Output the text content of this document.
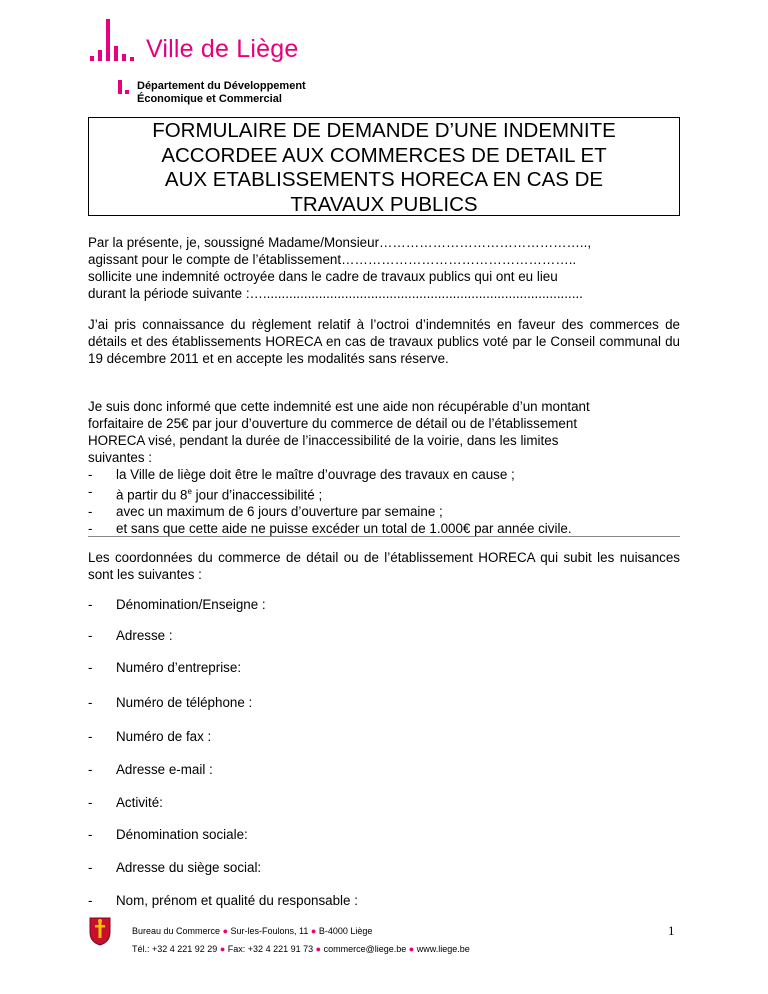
Ville de Liège
Département du Développement
Économique et Commercial
FORMULAIRE DE DEMANDE D’UNE INDEMNITE
ACCORDEE AUX COMMERCES DE DETAIL ET
AUX ETABLISSEMENTS HORECA EN CAS DE
TRAVAUX PUBLICS
Par la présente, je, soussigné Madame/Monsieur………………………………………..,
agissant pour le compte de l’établissement……………………………………………..
sollicite une indemnité octroyée dans le cadre de travaux publics qui ont eu lieu
durant la période suivante :…......................................................................................
J’ai pris connaissance du règlement relatif à l’octroi d’indemnités en faveur des commerces de détails et des établissements HORECA en cas de travaux publics voté par le Conseil communal du 19 décembre 2011 et en accepte les modalités sans réserve.
Je suis donc informé que cette indemnité est une aide non récupérable d’un montant
forfaitaire de 25€ par jour d’ouverture du commerce de détail ou de l’établissement
HORECA visé, pendant la durée de l’inaccessibilité de la voirie, dans les limites
suivantes :
- la Ville de liège doit être le maître d’ouvrage des travaux en cause ;
- à partir du 8e jour d’inaccessibilité ;
- avec un maximum de 6 jours d’ouverture par semaine ;
- et sans que cette aide ne puisse excéder un total de 1.000€ par année civile.
Les coordonnées du commerce de détail ou de l’établissement HORECA qui subit les nuisances sont les suivantes :
- Dénomination/Enseigne :
- Adresse :
- Numéro d’entreprise:
- Numéro de téléphone :
- Numéro de fax :
- Adresse e-mail :
- Activité:
- Dénomination sociale:
- Adresse du siège social:
- Nom, prénom et qualité du responsable :
Bureau du Commerce ● Sur-les-Foulons, 11 ● B-4000 Liège
Tél.: +32 4 221 92 29 ● Fax: +32 4 221 91 73 ● commerce@liege.be ● www.liege.be
1
